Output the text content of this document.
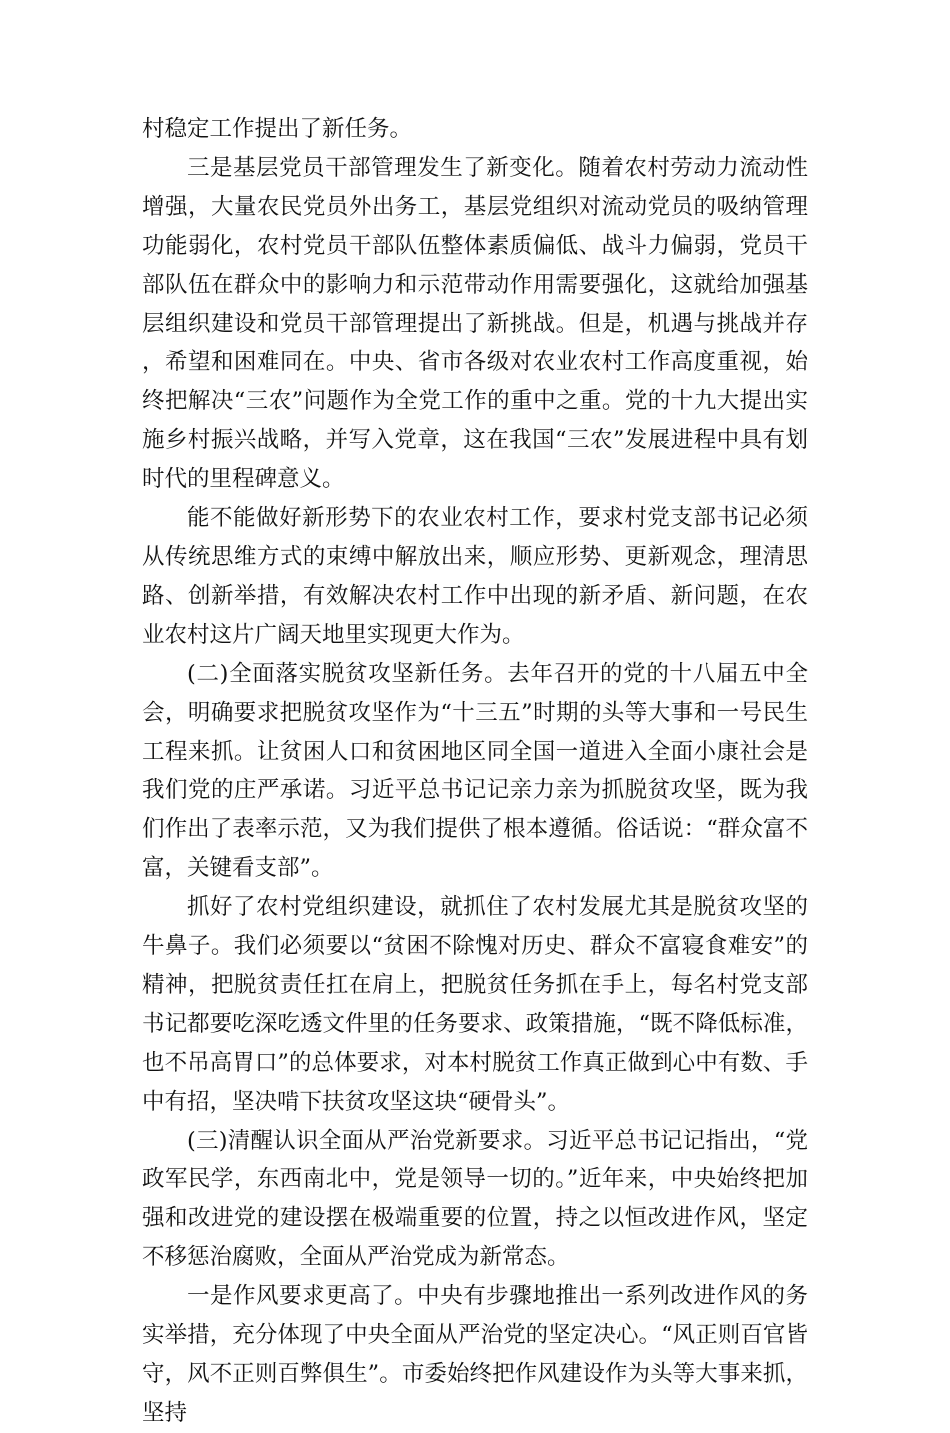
村稳定工作提出了新任务。

三是基层党员干部管理发生了新变化。随着农村劳动力流动性增强，大量农民党员外出务工，基层党组织对流动党员的吸纳管理功能弱化，农村党员干部队伍整体素质偏低、战斗力偏弱，党员干部队伍在群众中的影响力和示范带动作用需要强化，这就给加强基层组织建设和党员干部管理提出了新挑战。但是，机遇与挑战并存，希望和困难同在。中央、省市各级对农业农村工作高度重视，始终把解决“三农”问题作为全党工作的重中之重。党的十九大提出实施乡村振兴战略，并写入党章，这在我国“三农”发展进程中具有划时代的里程碑意义。

能不能做好新形势下的农业农村工作，要求村党支部书记必须从传统思维方式的束缚中解放出来，顺应形势、更新观念，理清思路、创新举措，有效解决农村工作中出现的新矛盾、新问题，在农业农村这片广阔天地里实现更大作为。

(二)全面落实脱贫攻坚新任务。去年召开的党的十八届五中全会，明确要求把脱贫攻坚作为“十三五”时期的头等大事和一号民生工程来抓。让贫困人口和贫困地区同全国一道进入全面小康社会是我们党的庄严承诺。习近平总书记记亲力亲为抓脱贫攻坚，既为我们作出了表率示范，又为我们提供了根本遵循。俗话说：“群众富不富，关键看支部”。

抓好了农村党组织建设，就抓住了农村发展尤其是脱贫攻坚的牛鼻子。我们必须要以“贫困不除愧对历史、群众不富寝食难安”的精神，把脱贫责任扛在肩上，把脱贫任务抓在手上，每名村党支部书记都要吃深吃透文件里的任务要求、政策措施，“既不降低标准，也不吊高胃口”的总体要求，对本村脱贫工作真正做到心中有数、手中有招，坚决啃下扶贫攻坚这块“硬骨头”。

(三)清醒认识全面从严治党新要求。习近平总书记记指出，“党政军民学，东西南北中，党是领导一切的。”近年来，中央始终把加强和改进党的建设摆在极端重要的位置，持之以恒改进作风，坚定不移惩治腐败，全面从严治党成为新常态。

一是作风要求更高了。中央有步骤地推出一系列改进作风的务实举措，充分体现了中央全面从严治党的坚定决心。“风正则百官皆守，风不正则百弊俱生”。市委始终把作风建设作为头等大事来抓，坚持
